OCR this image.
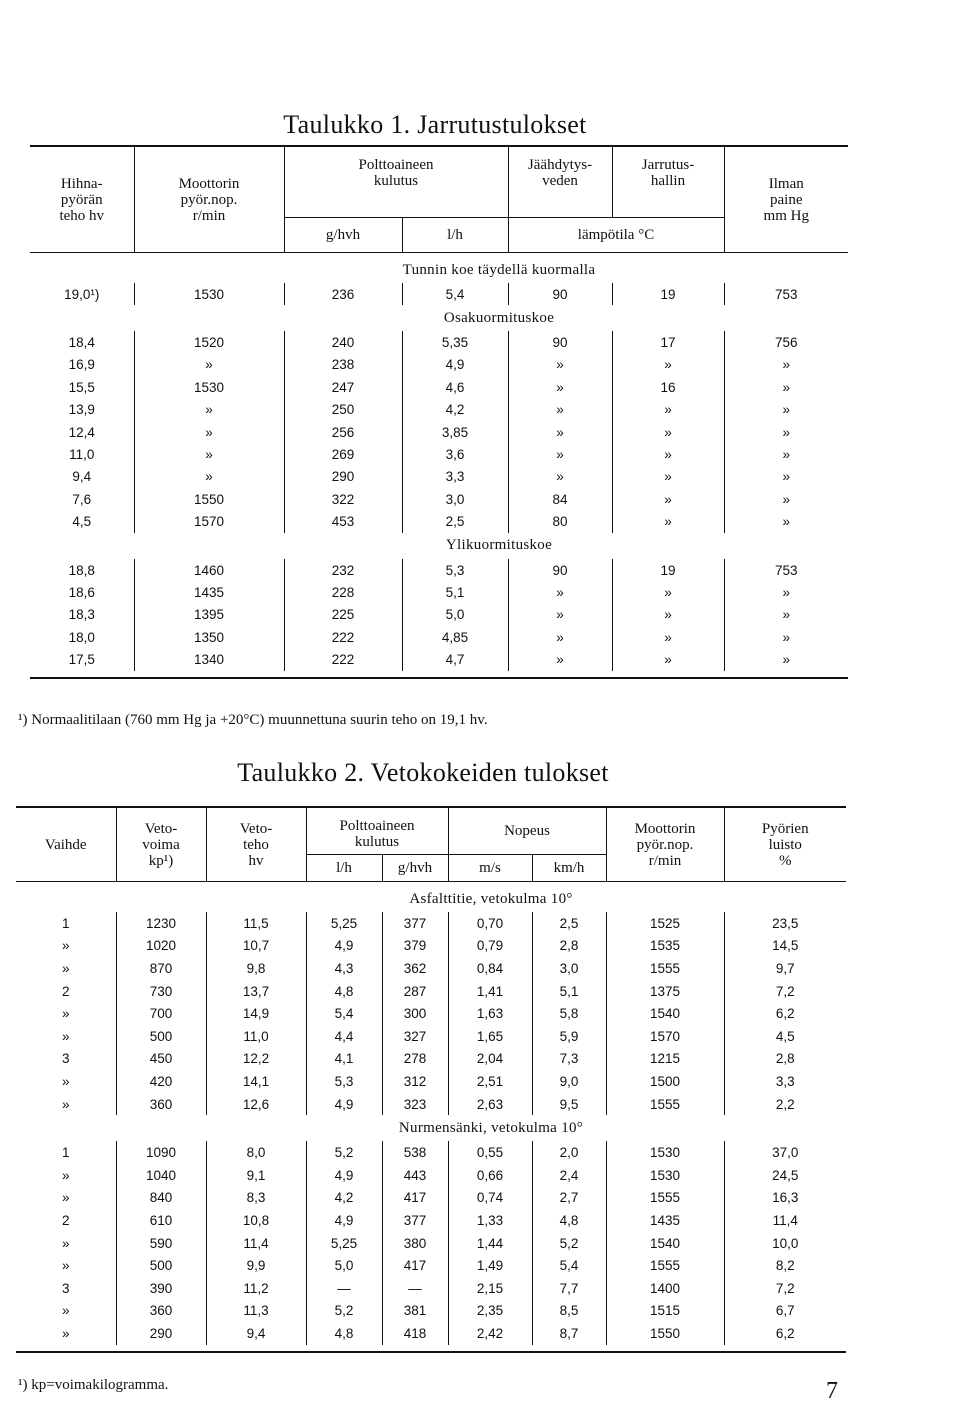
Taulukko 1. Jarrutustulokset
Hihna-
pyörän
teho hv	Moottorin
pyör.nop.
r/min	Polttoaineen
kulutus		Jäähdytys-
veden	Jarrutus-
hallin	Ilman
paine
mm Hg
		g/hvh	l/h	lämpötila °C		

Tunnin koe täydellä kuormalla						
19,0¹)	1530	236	5,4	90	19	753
Osakuormituskoe						
18,4	1520	240	5,35	90	17	756
16,9	»	238	4,9	»	»	»
15,5	1530	247	4,6	»	16	»
13,9	»	250	4,2	»	»	»
12,4	»	256	3,85	»	»	»
11,0	»	269	3,6	»	»	»
9,4	»	290	3,3	»	»	»
7,6	1550	322	3,0	84	»	»
4,5	1570	453	2,5	80	»	»
Ylikuormituskoe						
18,8	1460	232	5,3	90	19	753
18,6	1435	228	5,1	»	»	»
18,3	1395	225	5,0	»	»	»
18,0	1350	222	4,85	»	»	»
17,5	1340	222	4,7	»	»	»

¹) Normaalitilaan (760 mm Hg ja +20°C) muunnettuna suurin teho on 19,1 hv.
Taulukko 2. Vetokokeiden tulokset
Vaihde	Veto-
voima
kp¹)	Veto-
teho
hv	Polttoaineen
kulutus		Nopeus		Moottorin
pyör.nop.
r/min	Pyörien
luisto
%
			l/h	g/hvh	m/s	km/h		

Asfalttitie, vetokulma 10°								
1	1230	11,5	5,25	377	0,70	2,5	1525	23,5
»	1020	10,7	4,9	379	0,79	2,8	1535	14,5
»	870	9,8	4,3	362	0,84	3,0	1555	9,7
2	730	13,7	4,8	287	1,41	5,1	1375	7,2
»	700	14,9	5,4	300	1,63	5,8	1540	6,2
»	500	11,0	4,4	327	1,65	5,9	1570	4,5
3	450	12,2	4,1	278	2,04	7,3	1215	2,8
»	420	14,1	5,3	312	2,51	9,0	1500	3,3
»	360	12,6	4,9	323	2,63	9,5	1555	2,2
Nurmensänki, vetokulma 10°								
1	1090	8,0	5,2	538	0,55	2,0	1530	37,0
»	1040	9,1	4,9	443	0,66	2,4	1530	24,5
»	840	8,3	4,2	417	0,74	2,7	1555	16,3
2	610	10,8	4,9	377	1,33	4,8	1435	11,4
»	590	11,4	5,25	380	1,44	5,2	1540	10,0
»	500	9,9	5,0	417	1,49	5,4	1555	8,2
3	390	11,2	—	—	2,15	7,7	1400	7,2
»	360	11,3	5,2	381	2,35	8,5	1515	6,7
»	290	9,4	4,8	418	2,42	8,7	1550	6,2

¹) kp=voimakilogramma.	7
